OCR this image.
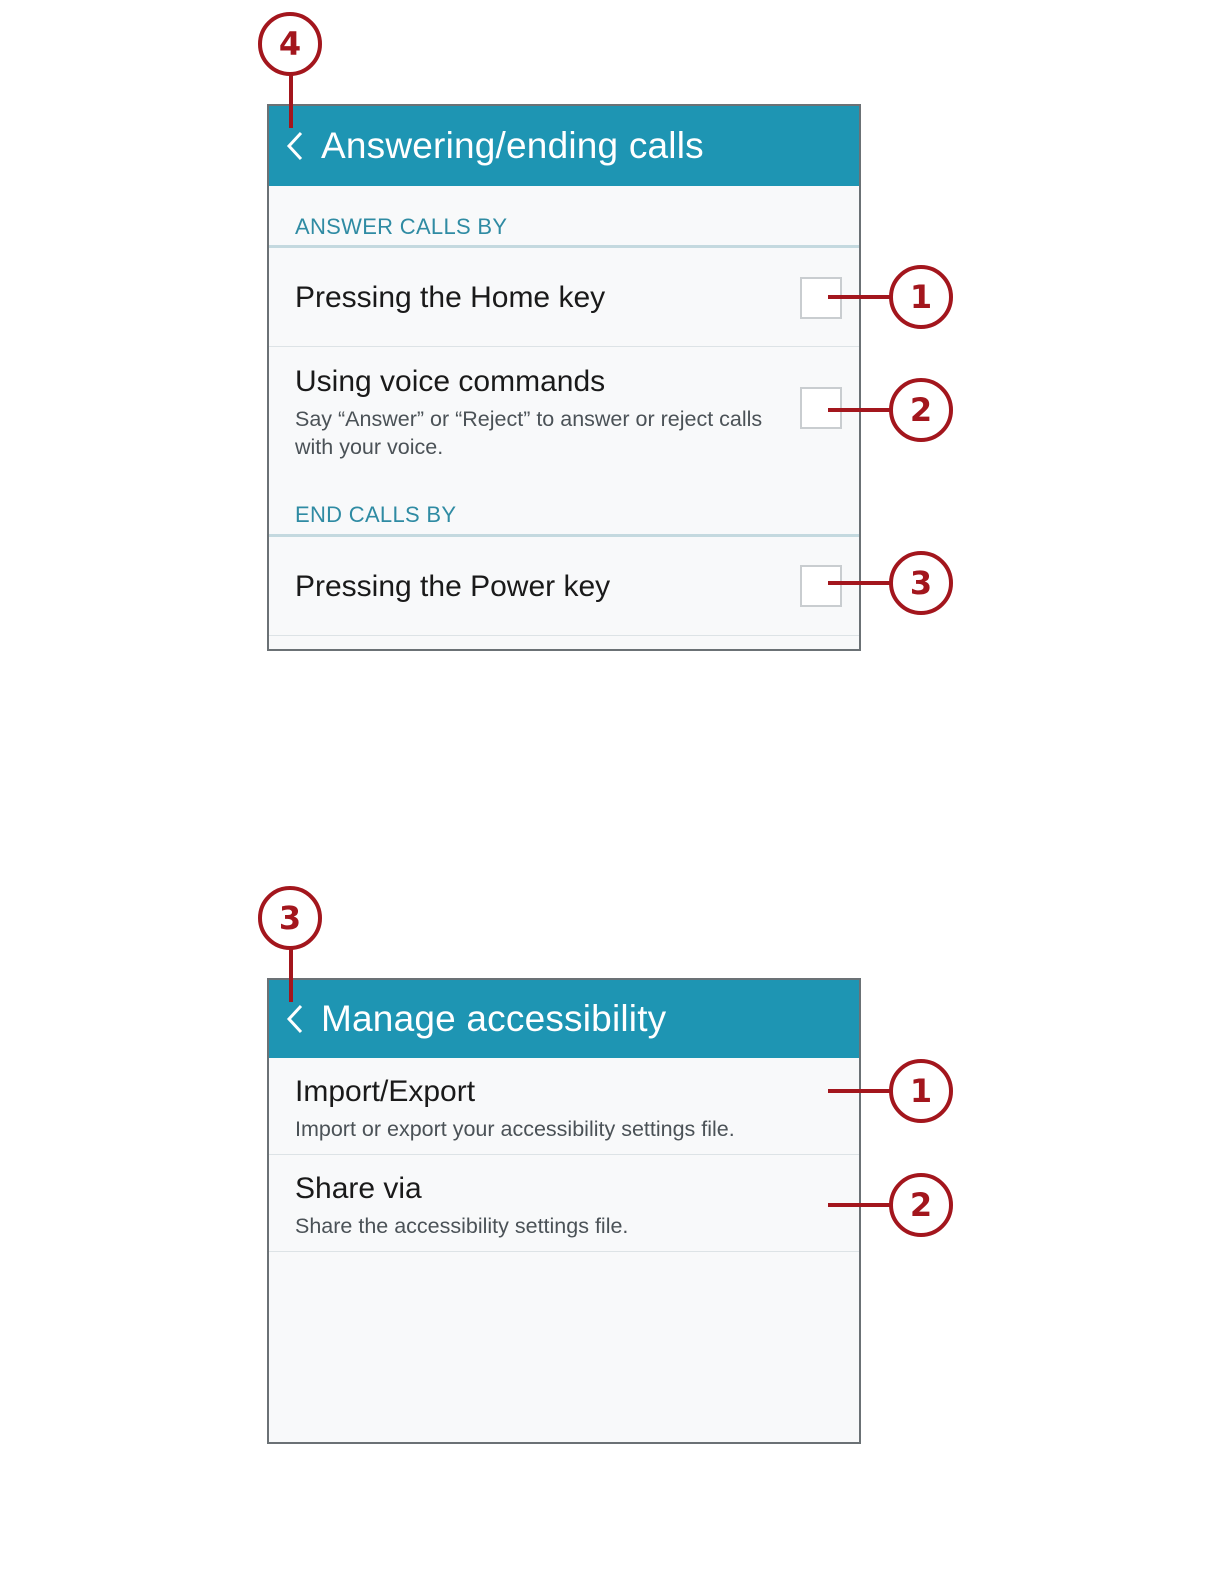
Answering/ending calls
ANSWER CALLS BY
Pressing the Home key
Using voice commands
Say “Answer” or “Reject” to answer or reject calls with your voice.
END CALLS BY
Pressing the Power key
4
1
2
3
Manage accessibility
Import/Export
Import or export your accessibility settings file.
Share via
Share the accessibility settings file.
3
1
2
